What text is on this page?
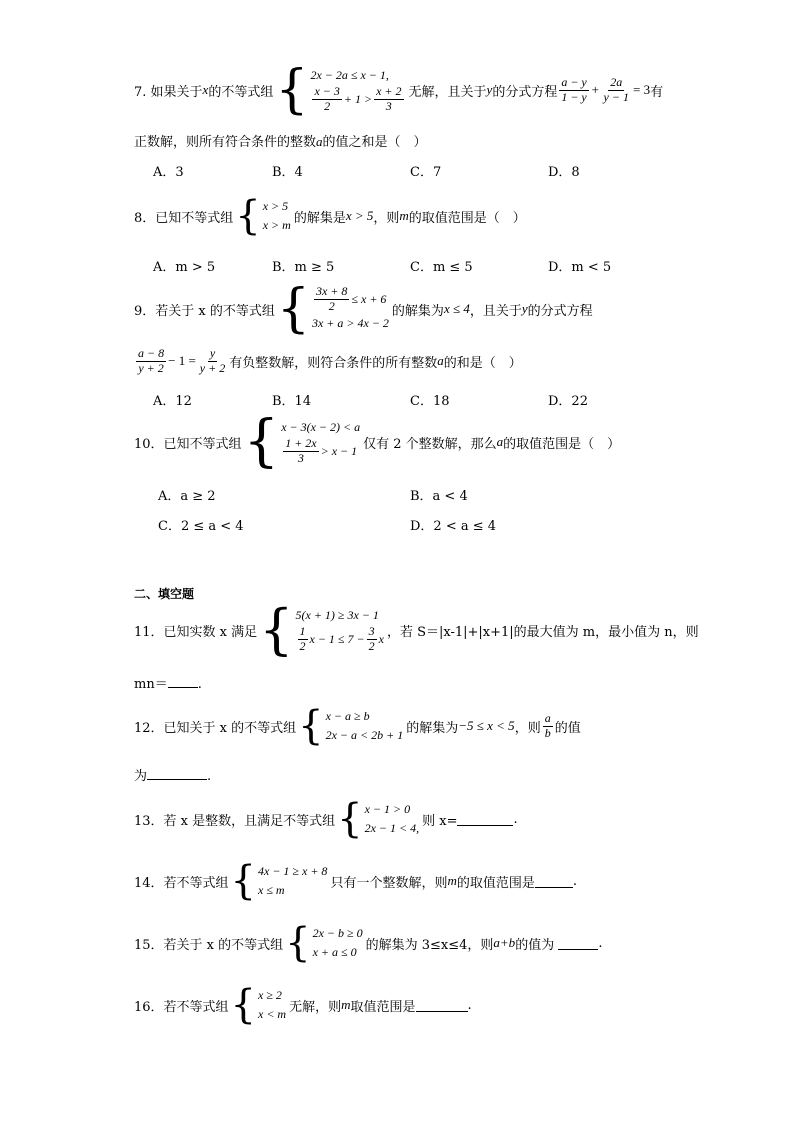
7. 如果关于 x 的不等式组 { 2x − 2a ≤ x − 1,
$\frac{x - 3}{2} + 1 > \frac{x + 2}{3}$ 无解，且关于 y 的分式方程 $\frac{a - y}{1 - y} + \frac{2a}{y - 1} = 3$ 有
正数解，则所有符合条件的整数a的值之和是（　）
A．3	B．4	C．7	D．8
8．已知不等式组 { x > 5
x > m 的解集是 x > 5 ，则 m 的取值范围是（　）
A．m > 5	B．m ≥ 5	C．m ≤ 5	D．m < 5
9．若关于 x 的不等式组 { $\frac{3x + 8}{2} \le x + 6$
3x + a > 4x − 2
的解集为 x ≤ 4 ，且关于 y 的分式方程
$\frac{a - 8}{y + 2} - 1 = \frac{y}{y + 2}$ 有负整数解，则符合条件的所有整数 a 的和是（　）
A．12	B．14	C．18	D．22
10．已知不等式组 { x − 3(x − 2) < a
$\frac{1 + 2x}{3} > x - 1$ 仅有 2 个整数解，那么 a 的取值范围是（　）
A．a ≥ 2	B．a < 4
C．2 ≤ a < 4	D．2 < a ≤ 4
二、填空题
11．已知实数 x 满足 { 5(x + 1) ≥ 3x − 1
$\frac{1}{2}$ $x - 1 \le 7 - \frac{3}{2}$ x ，若 S＝|x-1|+|x+1|的最大值为 m，最小值为 n，则
mn＝ .
12．已知关于 x 的不等式组 { x − a ≥ b
2x − a < 2b + 1 的解集为 −5 ≤ x < 5 ，则 $\frac{a}{b}$ 的值
为	.
13．若 x 是整数，且满足不等式组 { x − 1 > 0
2x − 1 < 4, 则 x=	.
14．若不等式组 { 4x − 1 ≥ x + 8
x ≤ m	只有一个整数解，则 m 的取值范围是	.
15．若关于 x 的不等式组 { 2x − b ≥ 0
x + a ≤ 0 的解集为 3≤x≤4，则 a+b 的值为
	.
16．若不等式组 { x ≥ 2
x < m 无解，则 m 取值范围是	.
